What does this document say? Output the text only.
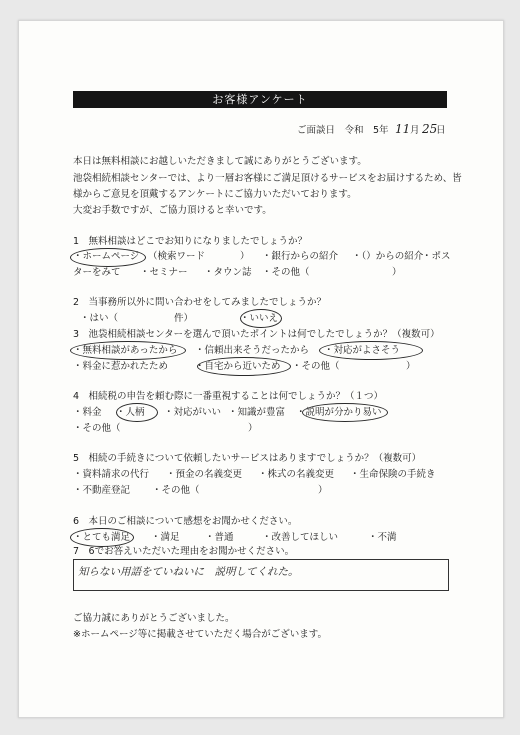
お客様アンケート
ご面談日　令和　5年 11 月 25
日
本日は無料相談にお越しいただきまして誠にありがとうございます。
池袋相続相談センターでは、より一層お客様にご満足頂けるサービスをお届けするため、皆
様からご意見を頂戴するアンケートにご協力いただいております。
大変お手数ですが、ご協力頂けると幸いです。
1　無料相談はどこでお知りになりましたでしょうか？
・ホームページ （検索ワード	） ・銀行からの紹介 ・（）からの紹介
・ポス
ターをみて ・セミナー ・タウン誌 ・その他（	）
2　当事務所以外に問い合わせをしてみましたでしょうか？
・はい（	件）	・いいえ
3　池袋相続相談センターを選んで頂いたポイントは何でしたでしょうか？（複数可）
・無料相談があったから ・信頼出来そうだったから ・対応がよさそう
・料金に惹かれたため	・自宅から近いため ・その他（	）
4　相続税の申告を頼む際に一番重視することは何でしょうか？（１つ）
・料金 ・人柄 ・対応がいい ・知識が豊富 ・説明が分かり易い
・その他（	）
5　相続の手続きについて依頼したいサービスはありますでしょうか？（複数可）
・資料請求の代行 ・預金の名義変更 ・株式の名義変更 ・生命保険の手続き
・不動産登記 ・その他（	）
6　本日のご相談について感想をお聞かせください。
・とても満足 ・満足	・普通	・改善してほしい	・不満
7　6でお答えいただいた理由をお聞かせください。
知らない用語をていねいに　説明してくれた。
ご協力誠にありがとうございました。
※ホームページ等に掲載させていただく場合がございます。
